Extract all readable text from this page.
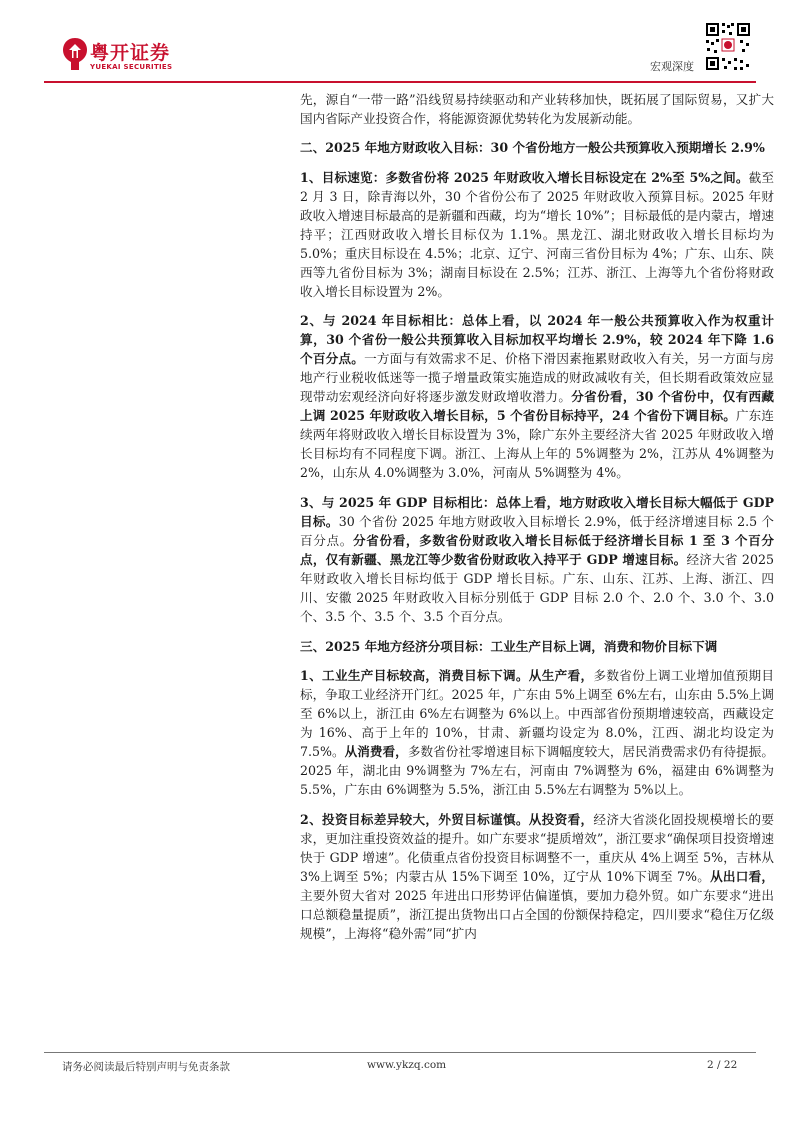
粤开证券
YUEKAI SECURITIES	宏观深度

先，源自“一带一路”沿线贸易持续驱动和产业转移加快，既拓展了国际贸易，又扩大国内省际产业投资合作，将能源资源优势转化为发展新动能。

二、2025 年地方财政收入目标：30 个省份地方一般公共预算收入预期增长 2.9%

1、目标速览：多数省份将 2025 年财政收入增长目标设定在 2%至 5%之间。截至 2 月 3 日，除青海以外，30 个省份公布了 2025 年财政收入预算目标。2025 年财政收入增速目标最高的是新疆和西藏，均为“增长 10%”；目标最低的是内蒙古，增速持平；江西财政收入增长目标仅为 1.1%。黑龙江、湖北财政收入增长目标均为 5.0%；重庆目标设在 4.5%；北京、辽宁、河南三省份目标为 4%；广东、山东、陕西等九省份目标为 3%；湖南目标设在 2.5%；江苏、浙江、上海等九个省份将财政收入增长目标设置为 2%。

2、与 2024 年目标相比：总体上看，以 2024 年一般公共预算收入作为权重计算，30 个省份一般公共预算收入目标加权平均增长 2.9%，较 2024 年下降 1.6 个百分点。一方面与有效需求不足、价格下滑因素拖累财政收入有关，另一方面与房地产行业税收低迷等一揽子增量政策实施造成的财政减收有关，但长期看政策效应显现带动宏观经济向好将逐步激发财政增收潜力。分省份看，30 个省份中，仅有西藏上调 2025 年财政收入增长目标，5 个省份目标持平，24 个省份下调目标。广东连续两年将财政收入增长目标设置为 3%，除广东外主要经济大省 2025 年财政收入增长目标均有不同程度下调。浙江、上海从上年的 5%调整为 2%，江苏从 4%调整为 2%，山东从 4.0%调整为 3.0%，河南从 5%调整为 4%。

3、与 2025 年 GDP 目标相比：总体上看，地方财政收入增长目标大幅低于 GDP 目标。30 个省份 2025 年地方财政收入目标增长 2.9%，低于经济增速目标 2.5 个百分点。分省份看，多数省份财政收入增长目标低于经济增长目标 1 至 3 个百分点，仅有新疆、黑龙江等少数省份财政收入持平于 GDP 增速目标。经济大省 2025 年财政收入增长目标均低于 GDP 增长目标。广东、山东、江苏、上海、浙江、四川、安徽 2025 年财政收入目标分别低于 GDP 目标 2.0 个、2.0 个、3.0 个、3.0 个、3.5 个、3.5 个、3.5 个百分点。

三、2025 年地方经济分项目标：工业生产目标上调，消费和物价目标下调

1、工业生产目标较高，消费目标下调。从生产看，多数省份上调工业增加值预期目标，争取工业经济开门红。2025 年，广东由 5%上调至 6%左右，山东由 5.5%上调至 6%以上，浙江由 6%左右调整为 6%以上。中西部省份预期增速较高，西藏设定为 16%、高于上年的 10%，甘肃、新疆均设定为 8.0%，江西、湖北均设定为 7.5%。从消费看，多数省份社零增速目标下调幅度较大，居民消费需求仍有待提振。2025 年，湖北由 9%调整为 7%左右，河南由 7%调整为 6%，福建由 6%调整为 5.5%，广东由 6%调整为 5.5%，浙江由 5.5%左右调整为 5%以上。

2、投资目标差异较大，外贸目标谨慎。从投资看，经济大省淡化固投规模增长的要求，更加注重投资效益的提升。如广东要求“提质增效”，浙江要求“确保项目投资增速快于 GDP 增速”。化债重点省份投资目标调整不一，重庆从 4%上调至 5%，吉林从 3%上调至 5%；内蒙古从 15%下调至 10%，辽宁从 10%下调至 7%。从出口看，主要外贸大省对 2025 年进出口形势评估偏谨慎，要加力稳外贸。如广东要求“进出口总额稳量提质”，浙江提出货物出口占全国的份额保持稳定，四川要求“稳住万亿级规模”，上海将“稳外需”同“扩内

请务必阅读最后特别声明与免责条款	www.ykzq.com	2 / 22
